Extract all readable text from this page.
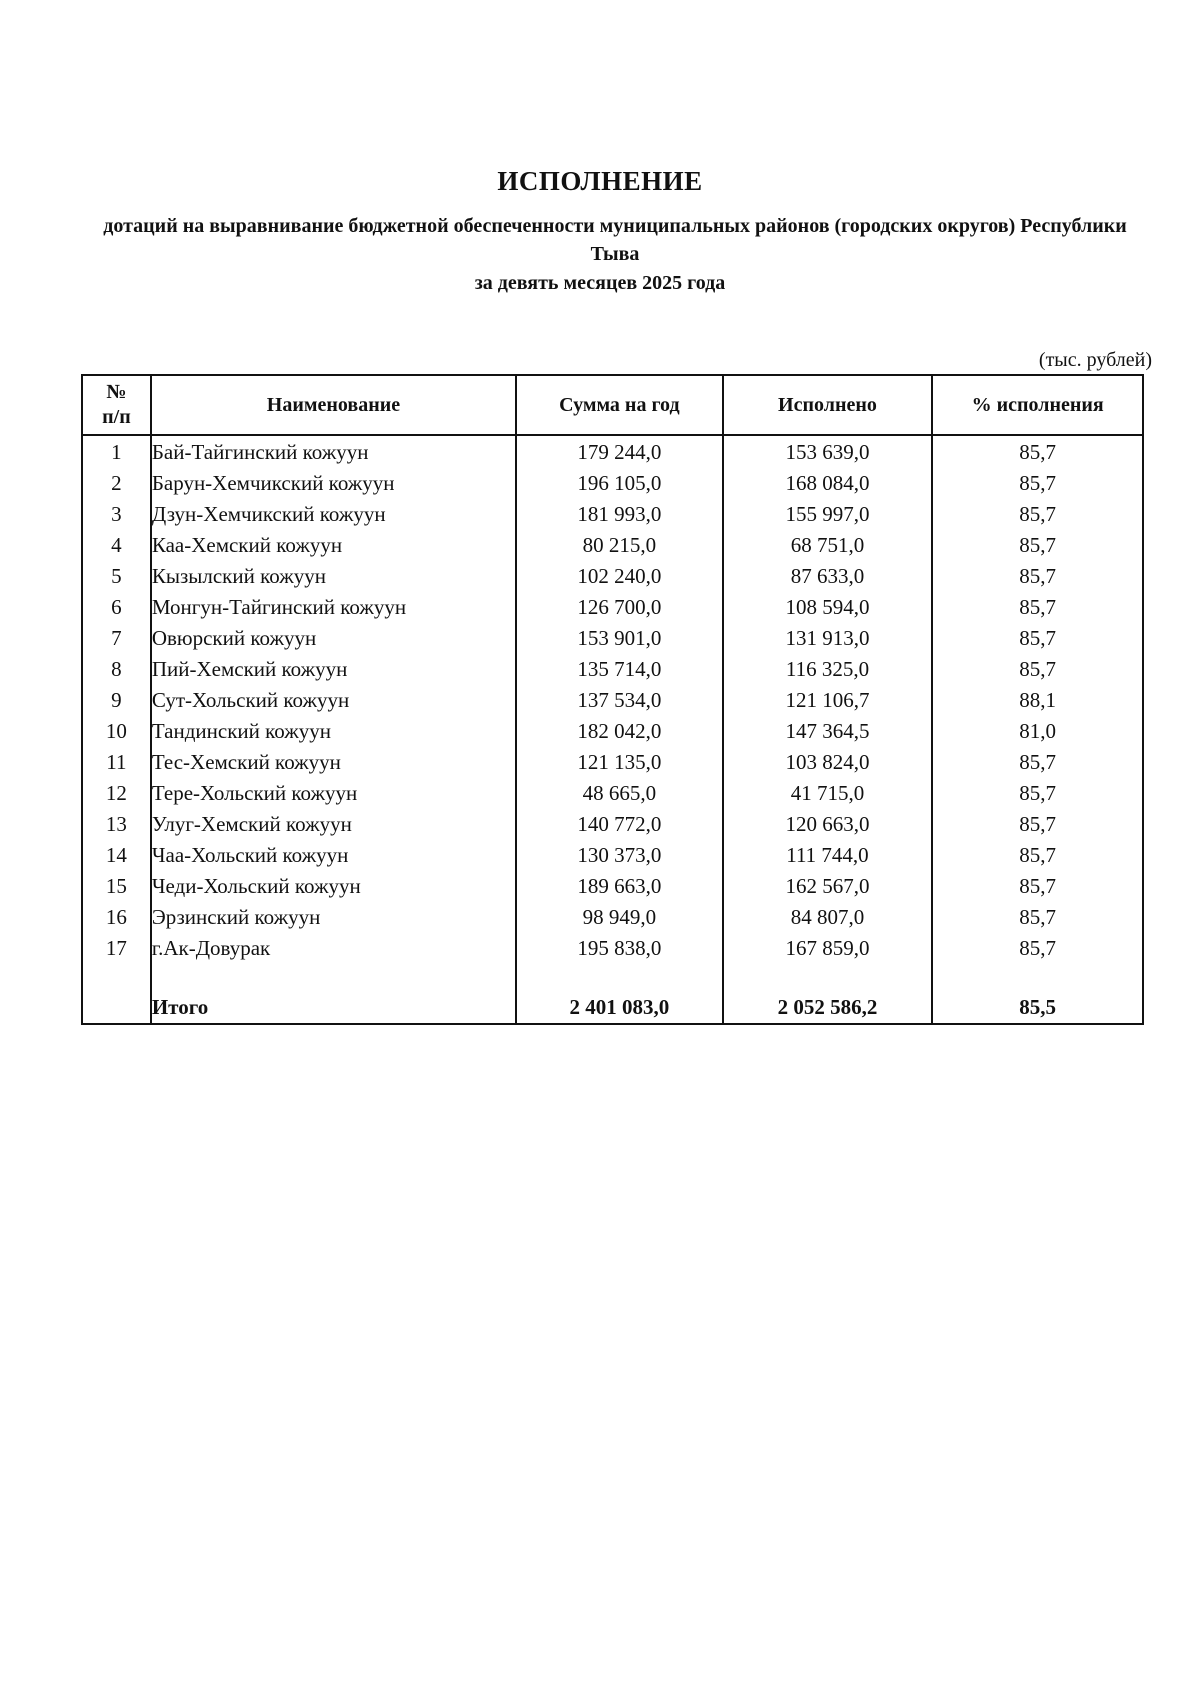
ИСПОЛНЕНИЕ
дотаций на выравнивание бюджетной обеспеченности муниципальных районов (городских округов) Республики Тыва
за девять месяцев 2025 года
(тыс. рублей)
№
п/п	Наименование	Сумма на год	Исполнено	% исполнения
1	Бай-Тайгинский кожуун	179 244,0	153 639,0	85,7
2	Барун-Хемчикский кожуун	196 105,0	168 084,0	85,7
3	Дзун-Хемчикский кожуун	181 993,0	155 997,0	85,7
4	Каа-Хемский кожуун	80 215,0	68 751,0	85,7
5	Кызылский кожуун	102 240,0	87 633,0	85,7
6	Монгун-Тайгинский кожуун	126 700,0	108 594,0	85,7
7	Овюрский кожуун	153 901,0	131 913,0	85,7
8	Пий-Хемский кожуун	135 714,0	116 325,0	85,7
9	Сут-Хольский кожуун	137 534,0	121 106,7	88,1
10	Тандинский кожуун	182 042,0	147 364,5	81,0
11	Тес-Хемский кожуун	121 135,0	103 824,0	85,7
12	Тере-Хольский кожуун	48 665,0	41 715,0	85,7
13	Улуг-Хемский кожуун	140 772,0	120 663,0	85,7
14	Чаа-Хольский кожуун	130 373,0	111 744,0	85,7
15	Чеди-Хольский кожуун	189 663,0	162 567,0	85,7
16	Эрзинский кожуун	98 949,0	84 807,0	85,7
17	г.Ак-Довурак	195 838,0	167 859,0	85,7

	Итого	2 401 083,0	2 052 586,2	85,5
